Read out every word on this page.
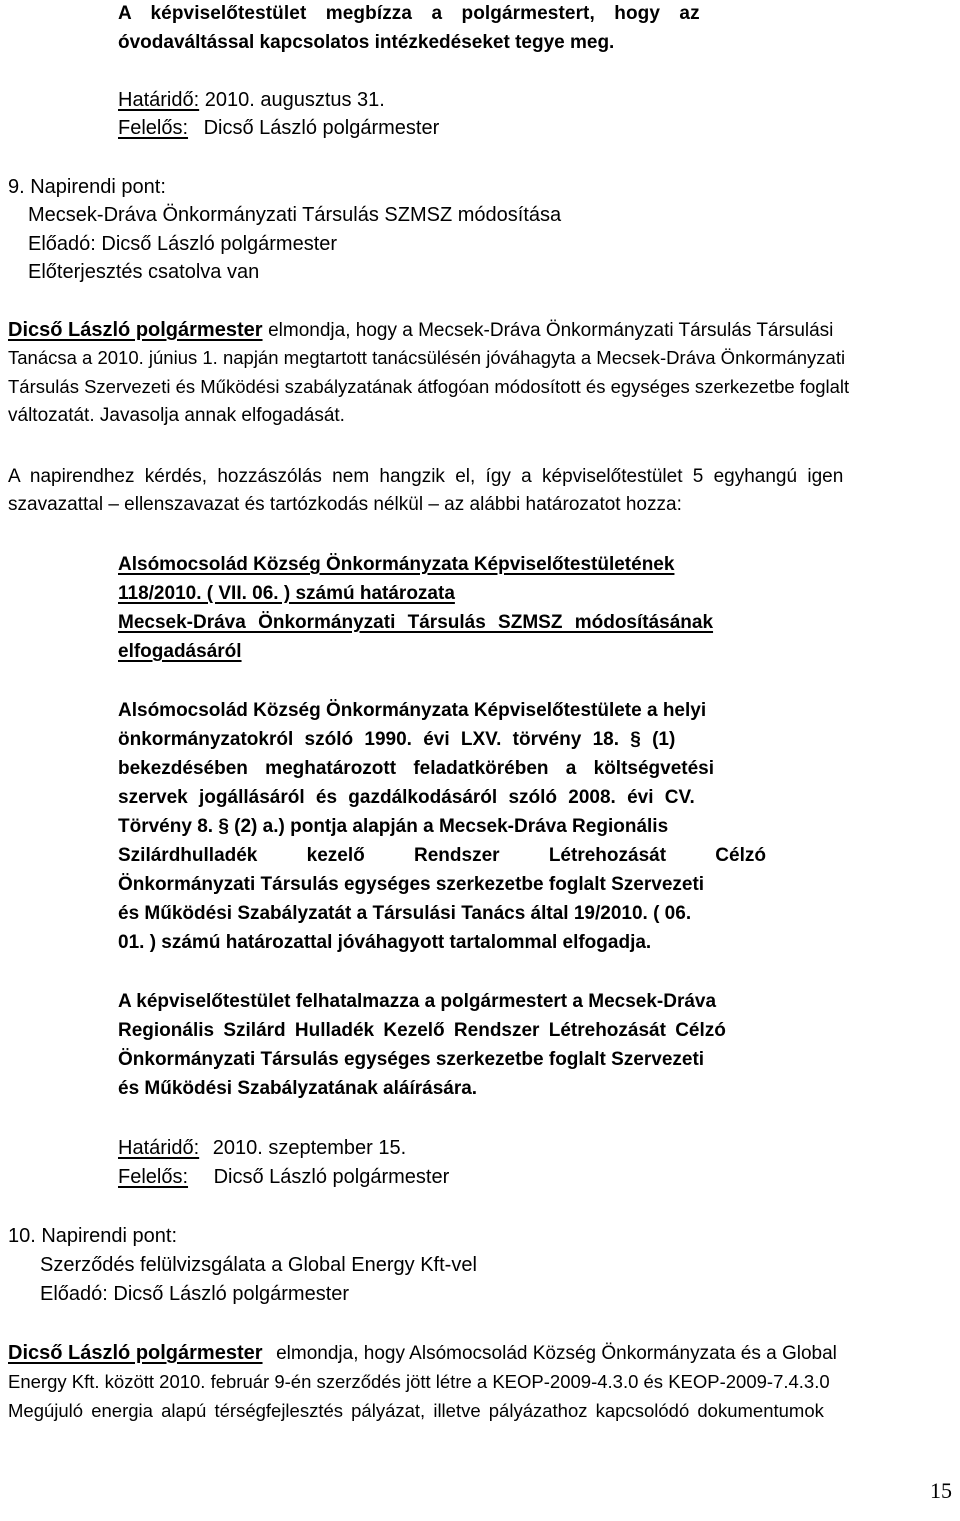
A képviselőtestület megbízza a polgármestert, hogy az
óvodaváltással kapcsolatos intézkedéseket tegye meg.
Határidő: 2010. augusztus 31.
Felelős: Dicső László polgármester
9. Napirendi pont:
Mecsek-Dráva Önkormányzati Társulás SZMSZ módosítása
Előadó: Dicső László polgármester
Előterjesztés csatolva van
Dicső László polgármester elmondja, hogy a Mecsek-Dráva Önkormányzati Társulás Társulási
Tanácsa a 2010. június 1. napján megtartott tanácsülésén jóváhagyta a Mecsek-Dráva Önkormányzati
Társulás Szervezeti és Működési szabályzatának átfogóan módosított és egységes szerkezetbe foglalt
változatát. Javasolja annak elfogadását.
A napirendhez kérdés, hozzászólás nem hangzik el, így a képviselőtestület 5 egyhangú igen
szavazattal – ellenszavazat és tartózkodás nélkül – az alábbi határozatot hozza:
Alsómocsolád Község Önkormányzata Képviselőtestületének
118/2010. ( VII. 06. ) számú határozata
Mecsek-Dráva Önkormányzati Társulás SZMSZ módosításának
elfogadásáról
Alsómocsolád Község Önkormányzata Képviselőtestülete a helyi
önkormányzatokról szóló 1990. évi LXV. törvény 18. § (1)
bekezdésében meghatározott feladatkörében a költségvetési
szervek jogállásáról és gazdálkodásáról szóló 2008. évi CV.
Törvény 8. § (2) a.) pontja alapján a Mecsek-Dráva Regionális
Szilárdhulladék kezelő Rendszer Létrehozását Célzó
Önkormányzati Társulás egységes szerkezetbe foglalt Szervezeti
és Működési Szabályzatát a Társulási Tanács által 19/2010. ( 06.
01. ) számú határozattal jóváhagyott tartalommal elfogadja.
A képviselőtestület felhatalmazza a polgármestert a Mecsek-Dráva
Regionális Szilárd Hulladék Kezelő Rendszer Létrehozását Célzó
Önkormányzati Társulás egységes szerkezetbe foglalt Szervezeti
és Működési Szabályzatának aláírására.
Határidő: 2010. szeptember 15.
Felelős: Dicső László polgármester
10. Napirendi pont:
Szerződés felülvizsgálata a Global Energy Kft-vel
Előadó: Dicső László polgármester
Dicső László polgármester elmondja, hogy Alsómocsolád Község Önkormányzata és a Global
Energy Kft. között 2010. február 9-én szerződés jött létre a KEOP-2009-4.3.0 és KEOP-2009-7.4.3.0
Megújuló energia alapú térségfejlesztés pályázat, illetve pályázathoz kapcsolódó dokumentumok
15
